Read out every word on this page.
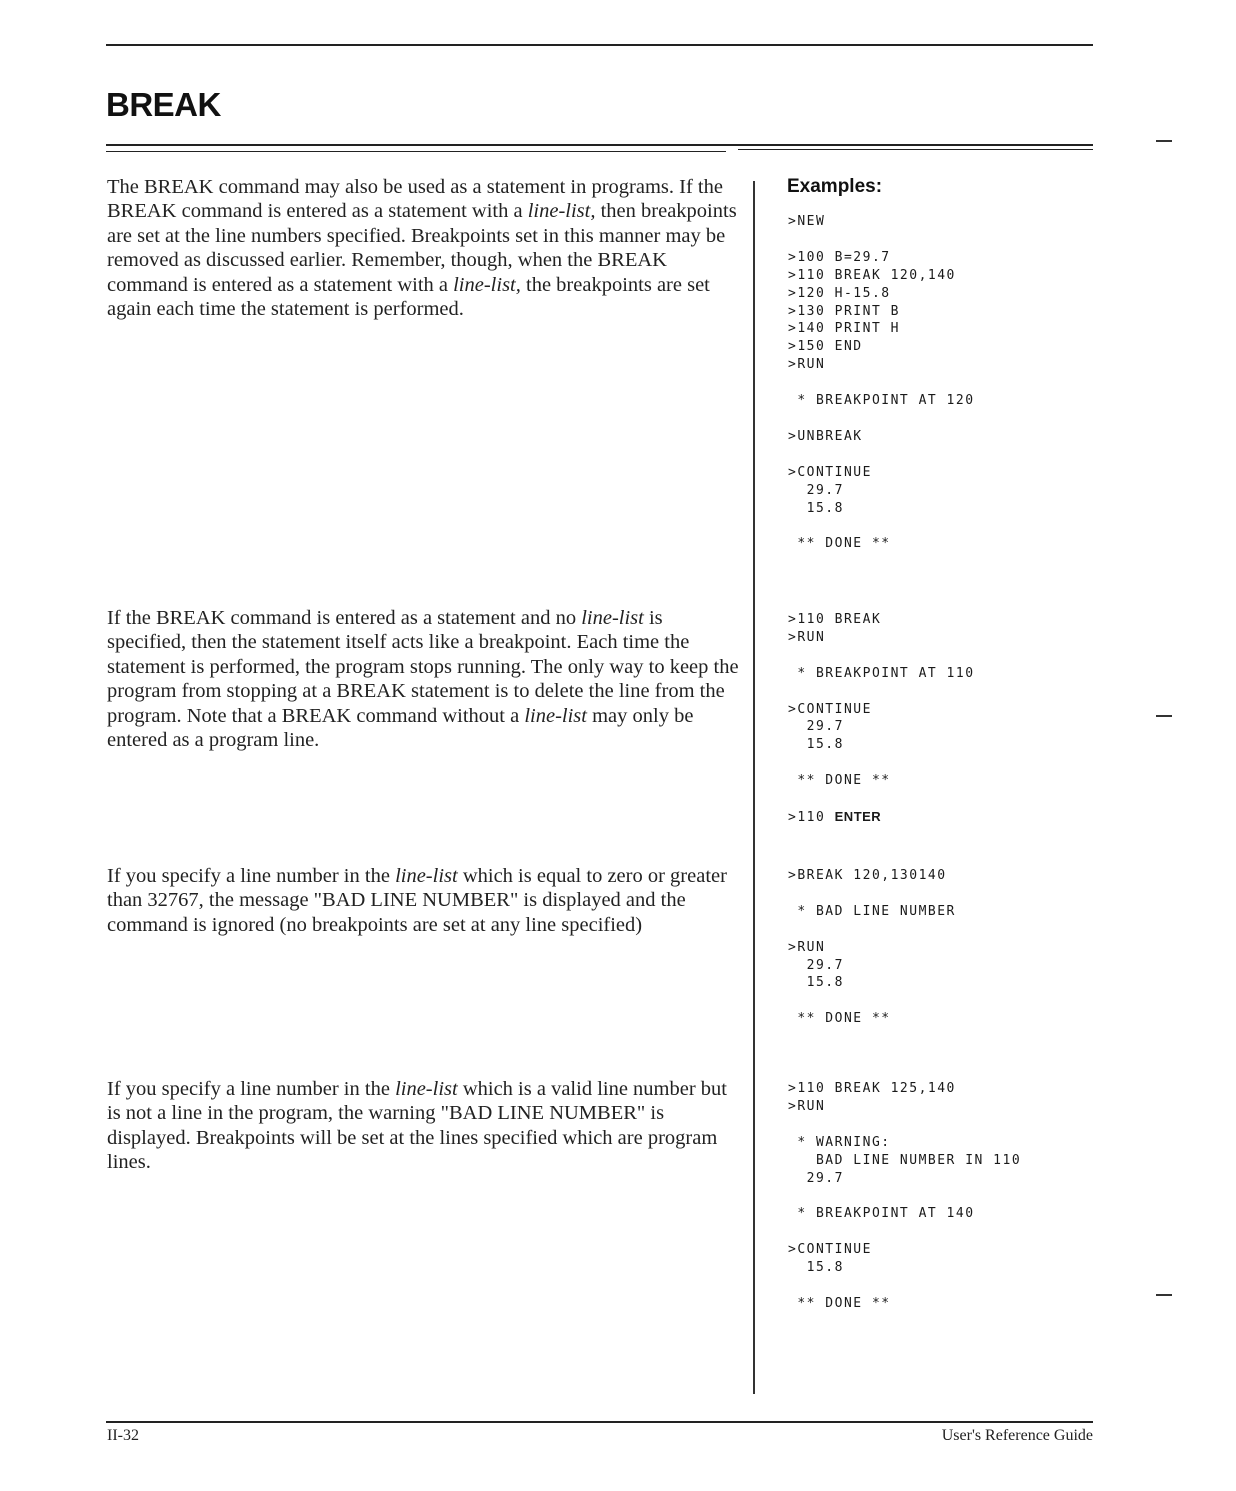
BREAK
Examples:

The BREAK command may also be used as a statement in programs. If the BREAK command is entered as a statement with a line-list, then breakpoints are set at the line numbers specified. Breakpoints set in this manner may be removed as discussed earlier. Remember, though, when the BREAK command is entered as a statement with a line-list, the breakpoints are set again each time the statement is performed.

If the BREAK command is entered as a statement and no line-list is specified, then the statement itself acts like a breakpoint. Each time the statement is performed, the program stops running. The only way to keep the program from stopping at a BREAK statement is to delete the line from the program. Note that a BREAK command without a line-list may only be entered as a program line.

If you specify a line number in the line-list which is equal to zero or greater than 32767, the message "BAD LINE NUMBER" is displayed and the command is ignored (no breakpoints are set at any line specified)

If you specify a line number in the line-list which is a valid line number but is not a line in the program, the warning "BAD LINE NUMBER" is displayed. Breakpoints will be set at the lines specified which are program lines.

>NEW

>100 B=29.7
>110 BREAK 120,140
>120 H-15.8
>130 PRINT B
>140 PRINT H
>150 END
>RUN

* BREAKPOINT AT 120

>UNBREAK

>CONTINUE
29.7
15.8

** DONE **
>110 BREAK
>RUN

* BREAKPOINT AT 110

>CONTINUE
29.7
15.8

** DONE **

>110 ENTER
>BREAK 120,130140

* BAD LINE NUMBER

>RUN
29.7
15.8

** DONE **
>110 BREAK 125,140
>RUN

* WARNING:
BAD LINE NUMBER IN 110
29.7

* BREAKPOINT AT 140

>CONTINUE
15.8

** DONE **

II-32	User's Reference Guide
